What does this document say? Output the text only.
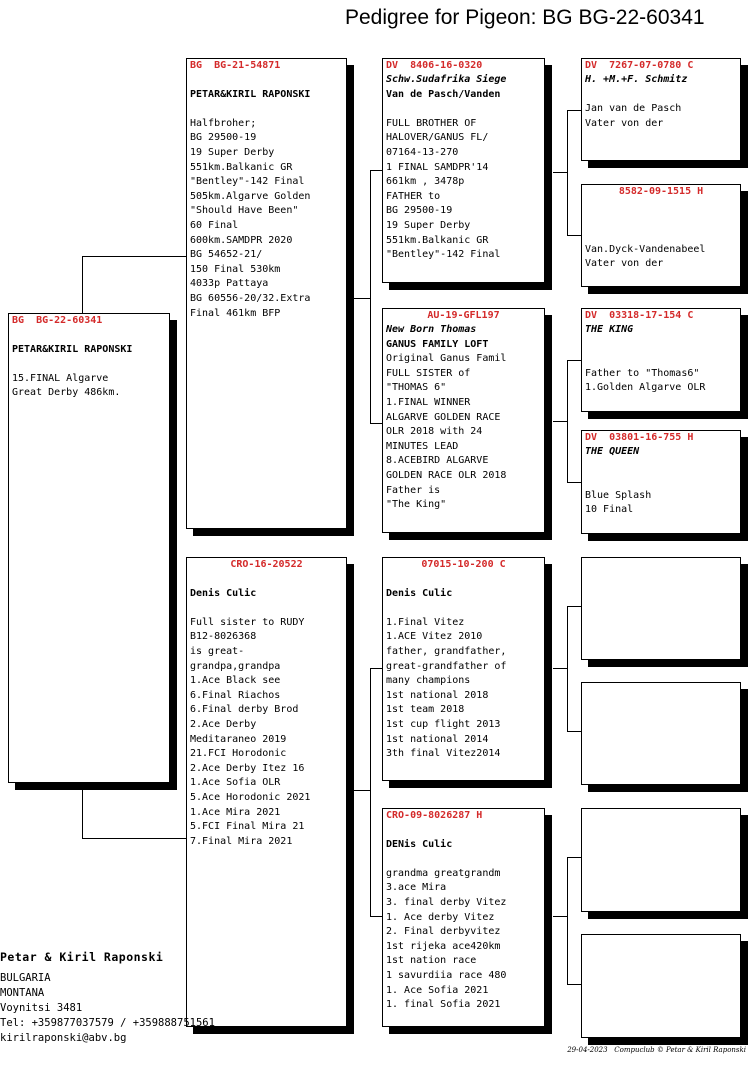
Pedigree for Pigeon: BG BG-22-60341
BG  BG-22-60341
PETAR&KIRIL RAPONSKI
15.FINAL Algarve
Great Derby 486km.
BG  BG-21-54871
PETAR&KIRIL RAPONSKI
Halfbroher;
BG 29500-19
19 Super Derby
551km.Balkanic GR
"Bentley"-142 Final
505km.Algarve Golden
"Should Have Been"
60 Final
600km.SAMDPR 2020
BG 54652-21/
150 Final 530km
4033p Pattaya
BG 60556-20/32.Extra
Final 461km BFP
CRO-16-20522
Denis Culic
Full sister to RUDY
B12-8026368
is great-
grandpa,grandpa
1.Ace Black see
6.Final Riachos
6.Final derby Brod
2.Ace Derby
Meditaraneo 2019
21.FCI Horodonic
2.Ace Derby Itez 16
1.Ace Sofia OLR
5.Ace Horodonic 2021
1.Ace Mira 2021
5.FCI Final Mira 21
7.Final Mira 2021
DV  8406-16-0320
Schw.Sudafrika Siege
Van de Pasch/Vanden
FULL BROTHER OF
HALOVER/GANUS FL/
07164-13-270
1 FINAL SAMDPR'14
661km , 3478p
FATHER to
BG 29500-19
19 Super Derby
551km.Balkanic GR
"Bentley"-142 Final
AU-19-GFL197
New Born Thomas
GANUS FAMILY LOFT
Original Ganus Famil
FULL SISTER of
"THOMAS 6"
1.FINAL WINNER
ALGARVE GOLDEN RACE
OLR 2018 with 24
MINUTES LEAD
8.ACEBIRD ALGARVE
GOLDEN RACE OLR 2018
Father is
"The King"
07015-10-200 C
Denis Culic
1.Final Vitez
1.ACE Vitez 2010
father, grandfather,
great-grandfather of
many champions
1st national 2018
1st team 2018
1st cup flight 2013
1st national 2014
3th final Vitez2014
CRO-09-8026287 H
DENis Culic
grandma greatgrandm
3.ace Mira
3. final derby Vitez
1. Ace derby Vitez
2. Final derbyvitez
1st rijeka ace420km
1st nation race
1 savurdiia race 480
1. Ace Sofia 2021
1. final Sofia 2021
DV  7267-07-0780 C
H. +M.+F. Schmitz
Jan van de Pasch
Vater von der
8582-09-1515 H
Van.Dyck-Vandenabeel
Vater von der
DV  03318-17-154 C
THE KING
Father to "Thomas6"
1.Golden Algarve OLR
DV  03801-16-755 H
THE QUEEN
Blue Splash
10 Final
Petar & Kiril Raponski
BULGARIA
MONTANA
Voynitsi 3481
Tel: +359877037579 / +359888751561
kirilraponski@abv.bg
29-04-2023   Compuclub © Petar & Kiril Raponski
